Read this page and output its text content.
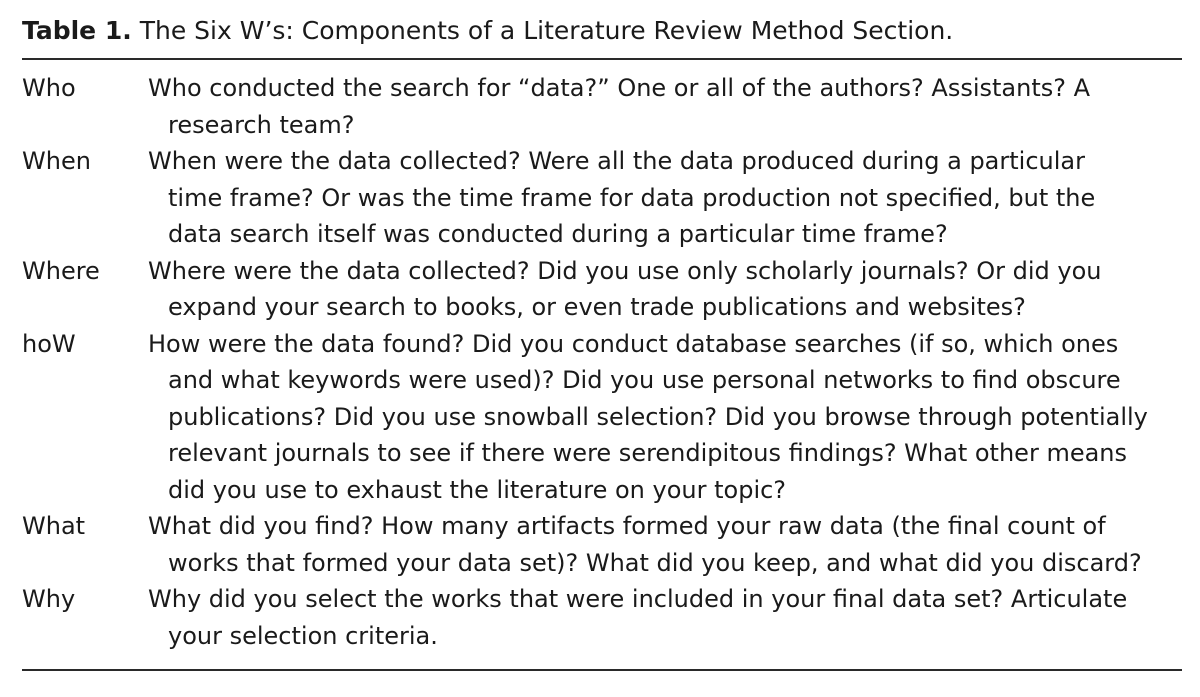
Table 1. The Six W’s: Components of a Literature Review Method Section.
Who	Who conducted the search for “data?” One or all of the authors? Assistants? A
research team?

When	When were the data collected? Were all the data produced during a particular
time frame? Or was the time frame for data production not specified, but the
data search itself was conducted during a particular time frame?

Where	Where were the data collected? Did you use only scholarly journals? Or did you
expand your search to books, or even trade publications and websites?

hoW	How were the data found? Did you conduct database searches (if so, which ones
and what keywords were used)? Did you use personal networks to find obscure
publications? Did you use snowball selection? Did you browse through potentially
relevant journals to see if there were serendipitous findings? What other means
did you use to exhaust the literature on your topic?

What	What did you find? How many artifacts formed your raw data (the final count of
works that formed your data set)? What did you keep, and what did you discard?

Why	Why did you select the works that were included in your final data set? Articulate
your selection criteria.
